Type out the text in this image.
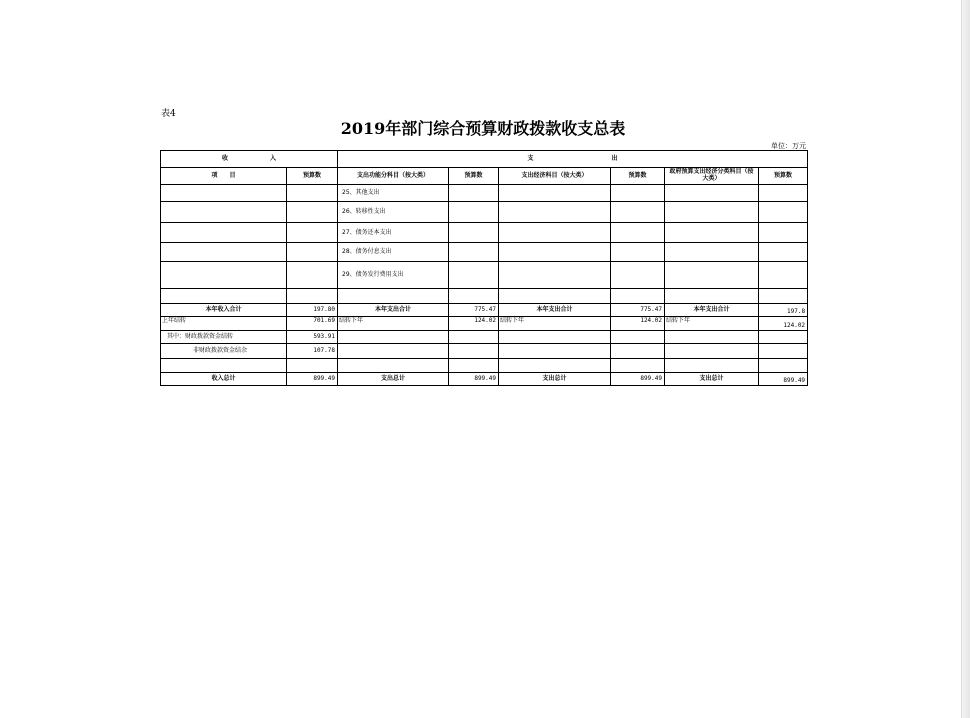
表4
2019年部门综合预算财政拨款收支总表
单位：万元
收　　　　　　　入		支　　　　　　　　　　　　　出					
项　　目	预算数	支出功能分科目（按大类）	预算数	支出经济科目（按大类）	预算数	政府预算支出经济分类科目（按大类）	预算数
		25、其他支出					
		26、转移性支出					
		27、债务还本支出					
		28、债务付息支出					
		29、债务发行费用支出					

本年收入合计	197.80	本年支出合计	775.47	本年支出合计	775.47	本年支出合计	197.8
上年结转	701.69	结转下年	124.02	结转下年	124.02	结转下年	124.02
其中：财政拨款资金结转	593.91						
非财政拨款资金结余	107.78						

收入总计	899.49	支出总计	899.49	支出总计	899.49	支出总计	899.49
